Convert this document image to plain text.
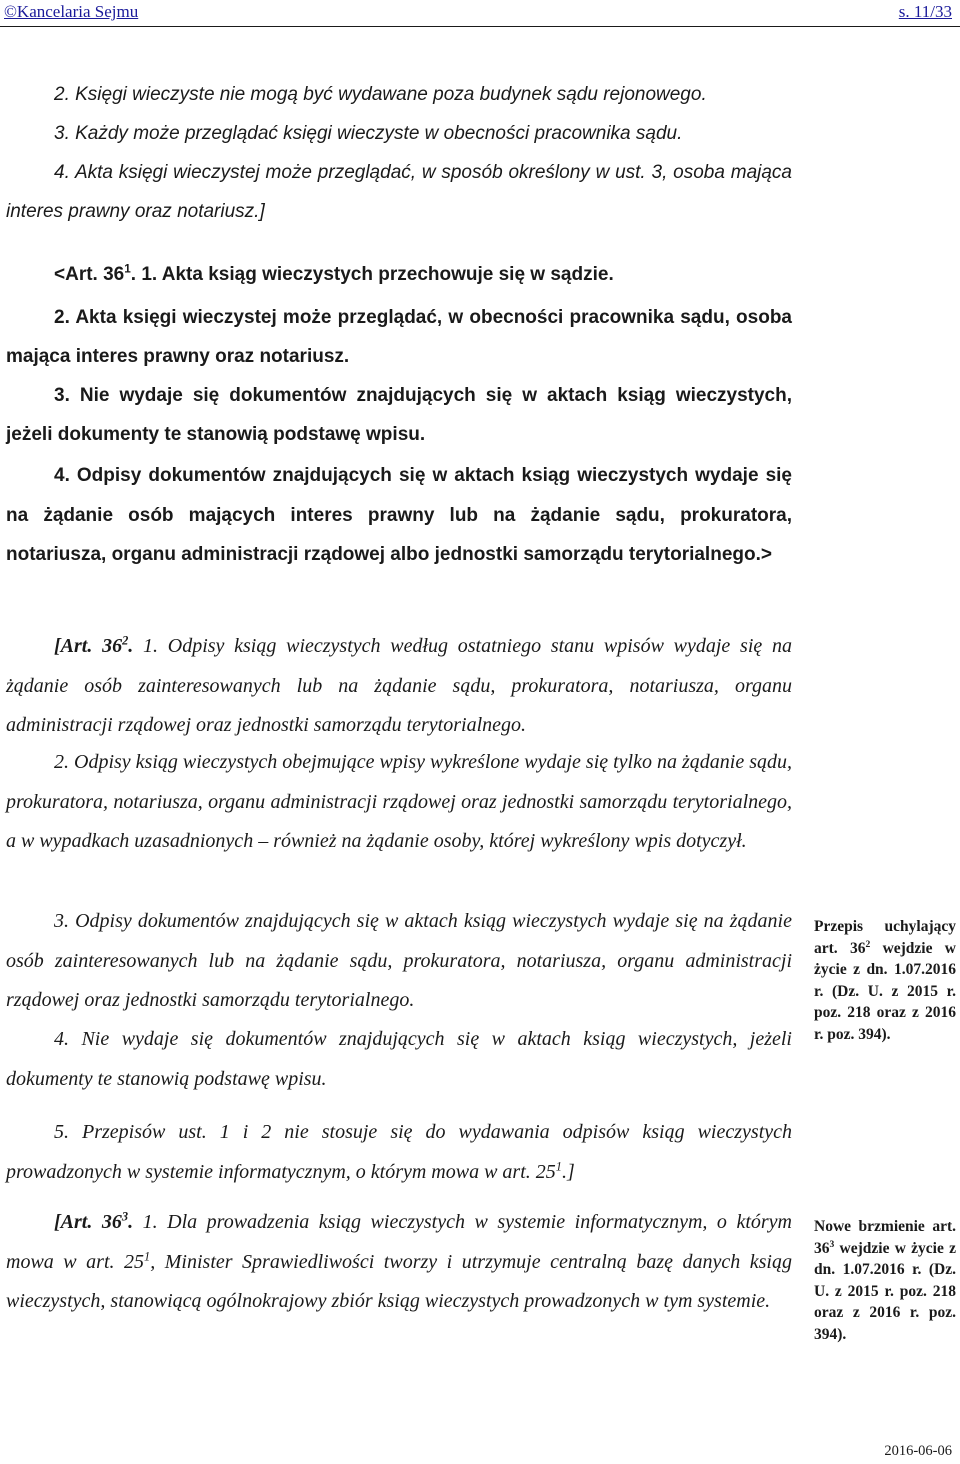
©Kancelaria Sejmu	s. 11/33

2. Księgi wieczyste nie mogą być wydawane poza budynek sądu rejonowego.

3. Każdy może przeglądać księgi wieczyste w obecności pracownika sądu.

4. Akta księgi wieczystej może przeglądać, w sposób określony w ust. 3, osoba mająca interes prawny oraz notariusz.]

<Art. $36^1$. 1. Akta ksiąg wieczystych przechowuje się w sądzie.

2. Akta księgi wieczystej może przeglądać, w obecności pracownika sądu, osoba mająca interes prawny oraz notariusz.

3. Nie wydaje się dokumentów znajdujących się w aktach ksiąg wieczystych, jeżeli dokumenty te stanowią podstawę wpisu.

4. Odpisy dokumentów znajdujących się w aktach ksiąg wieczystych wydaje się na żądanie osób mających interes prawny lub na żądanie sądu, prokuratora, notariusza, organu administracji rządowej albo jednostki samorządu terytorialnego.>

[Art. $36^2$. 1. Odpisy ksiąg wieczystych według ostatniego stanu wpisów wydaje się na żądanie osób zainteresowanych lub na żądanie sądu, prokuratora, notariusza, organu administracji rządowej oraz jednostki samorządu terytorialnego.

2. Odpisy ksiąg wieczystych obejmujące wpisy wykreślone wydaje się tylko na żądanie sądu, prokuratora, notariusza, organu administracji rządowej oraz jednostki samorządu terytorialnego, a w wypadkach uzasadnionych – również na żądanie osoby, której wykreślony wpis dotyczył.

3. Odpisy dokumentów znajdujących się w aktach ksiąg wieczystych wydaje się na żądanie osób zainteresowanych lub na żądanie sądu, prokuratora, notariusza, organu administracji rządowej oraz jednostki samorządu terytorialnego.

4. Nie wydaje się dokumentów znajdujących się w aktach ksiąg wieczystych, jeżeli dokumenty te stanowią podstawę wpisu.

5. Przepisów ust. 1 i 2 nie stosuje się do wydawania odpisów ksiąg wieczystych prowadzonych w systemie informatycznym, o którym mowa w art. $25^1$.]

[Art. $36^3$. 1. Dla prowadzenia ksiąg wieczystych w systemie informatycznym, o którym mowa w art. $25^1$, Minister Sprawiedliwości tworzy i utrzymuje centralną bazę danych ksiąg wieczystych, stanowiącą ogólnokrajowy zbiór ksiąg wieczystych prowadzonych w tym systemie.

Przepis uchylający art. $36^2$ wejdzie w życie z dn. 1.07.2016 r. (Dz. U. z 2015 r. poz. 218 oraz z 2016 r. poz. 394).

Nowe brzmienie art. $36^3$ wejdzie w życie z dn. 1.07.2016 r. (Dz. U. z 2015 r. poz. 218 oraz z 2016 r. poz. 394).

2016-06-06
